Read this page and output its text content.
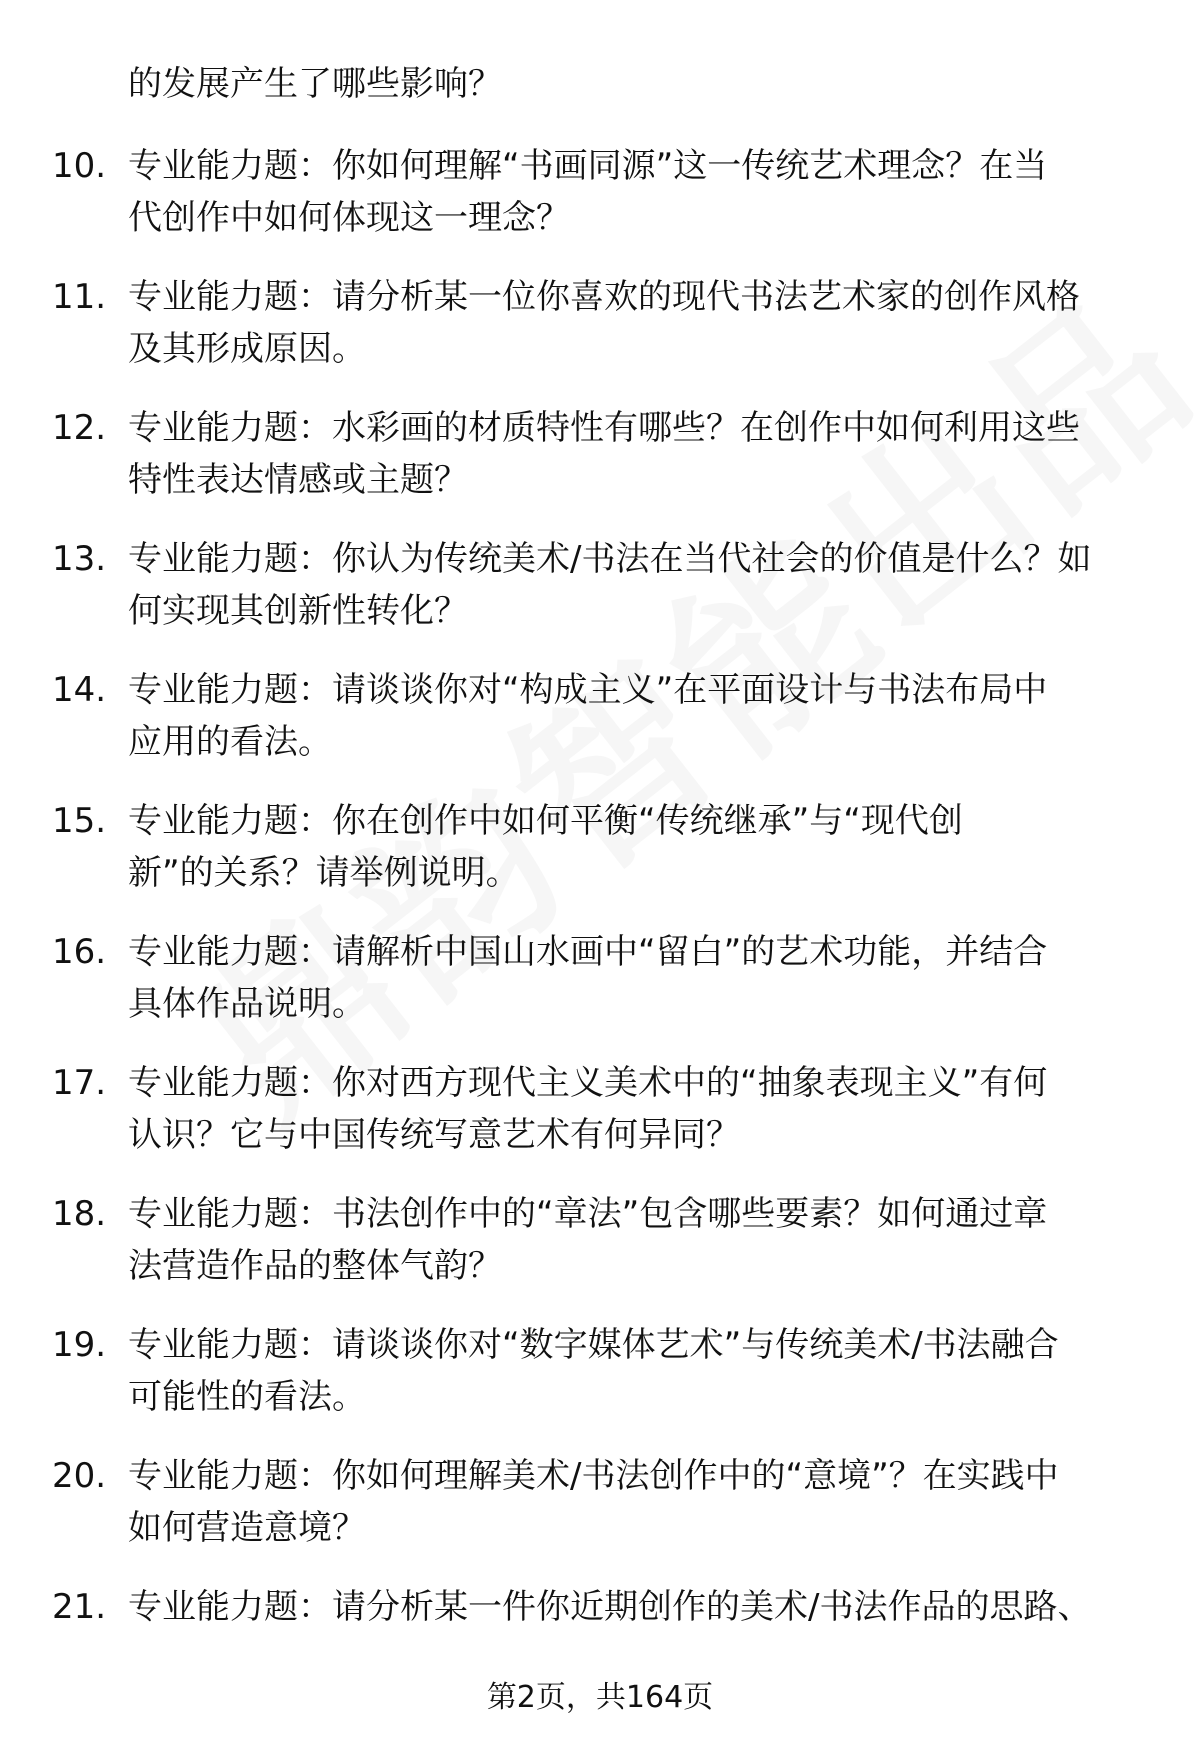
的发展产生了哪些影响？
10. 专业能力题：你如何理解“书画同源”这一传统艺术理念？在当
代创作中如何体现这一理念？
11. 专业能力题：请分析某一位你喜欢的现代书法艺术家的创作风格
及其形成原因。
12. 专业能力题：水彩画的材质特性有哪些？在创作中如何利用这些
特性表达情感或主题？
13. 专业能力题：你认为传统美术/书法在当代社会的价值是什么？如
何实现其创新性转化？
14. 专业能力题：请谈谈你对“构成主义”在平面设计与书法布局中
应用的看法。
15. 专业能力题：你在创作中如何平衡“传统继承”与“现代创
新”的关系？请举例说明。
16. 专业能力题：请解析中国山水画中“留白”的艺术功能，并结合
具体作品说明。
17. 专业能力题：你对西方现代主义美术中的“抽象表现主义”有何
认识？它与中国传统写意艺术有何异同？
18. 专业能力题：书法创作中的“章法”包含哪些要素？如何通过章
法营造作品的整体气韵？
19. 专业能力题：请谈谈你对“数字媒体艺术”与传统美术/书法融合
可能性的看法。
20. 专业能力题：你如何理解美术/书法创作中的“意境”？在实践中
如何营造意境？
21. 专业能力题：请分析某一件你近期创作的美术/书法作品的思路、
第2页，共164页
